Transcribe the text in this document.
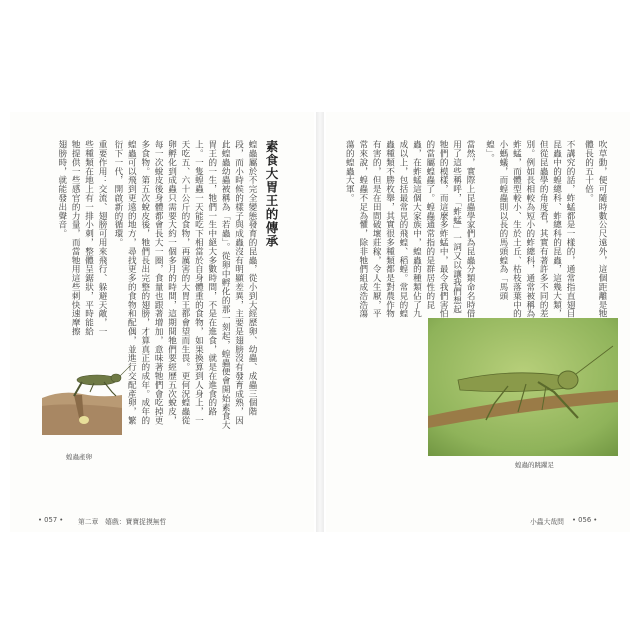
素食大胃王的傳承
蝗蟲屬於不完全變態發育的昆蟲，從小到大經歷卵、幼蟲、成蟲三個階段，而小時候的樣子與成蟲沒有明顯差異，主要是翅膀沒有發育成熟，因此蝗蟲幼蟲被稱為「若蟲」。從卵中孵化的那一刻起，蝗蟲便會開始素食大胃王的一生，牠們一生中絕大多數時間，不是在進食，就是在進食的路上。一隻蝗蟲一天能吃下相當於自身體重的食物，如果換算到人身上，一天吃五、六十公斤的食物，再厲害的大胃王都會望而生畏。更何況蝗蟲從卵孵化到成蟲只需要大約一個多月的時間，這期間牠們要經歷五次蛻皮，每一次蛻皮後身體都會長大一圈，食量也跟著增加，意味著牠們會吃掉更多食物。第五次蛻皮後，牠們長出完整的翅膀，才算真正的成年。成年的蝗蟲可以飛到更遠的地方，尋找更多的食物和配偶，並進行交配產卵，繁衍下一代，開啟新的循環。
重要作用：交流、翅膀可用來飛行、躲避天敵，一些種類在地上有一排小刺，整體呈鋸狀，平時能給牠提供一些感官的力量，而當牠用這些刺快速摩擦翅膀時，就能發出聲音。
蝗蟲產卵
• 057 • 第二章　嬉戲：寶寶捉摸無哲
吹草動，便可隨時數公尺遠外，這個距離是牠體長的五十倍。
不講究的話，蚱蜢都是一樣的，通常指直翅目昆蟲中的蝗總科、蚱總科的昆蟲，這幾大類，但從昆蟲學的角度看，其實有著許多不同的差別。例如長相較為短小的蚱總科，通常被稱為蚱蜢，而體型較小、生於土丘、枯枝落葉中的小螞蟻，而蝗蟲則以長的馬頭蝗為「馬頭蝗」。
當然，實際上昆蟲學家們為昆蟲分類命名時借用了這些稱呼，「蚱蜢」一詞又以讓我們想起牠們的模樣，而這麼多蚱蜢中，最令我們害怕的當屬蝗蟲了。蝗蟲通常指的是群居性的昆蟲，在蚱蜢這個大家族中，蝗蟲的種類佔了九成以上，包括最常見的飛蝗、稻蝗。常見的蝗蟲種類不勝枚舉，其實很多種類都是對農作物有害的，但是在田間破壞莊稼，令人生厭，平常來說，蝗蟲不足為懼，除非牠們組成浩浩蕩蕩的蝗蟲大軍。
蝗蟲的跳躍足
小蟲大哉問 • 056 •
